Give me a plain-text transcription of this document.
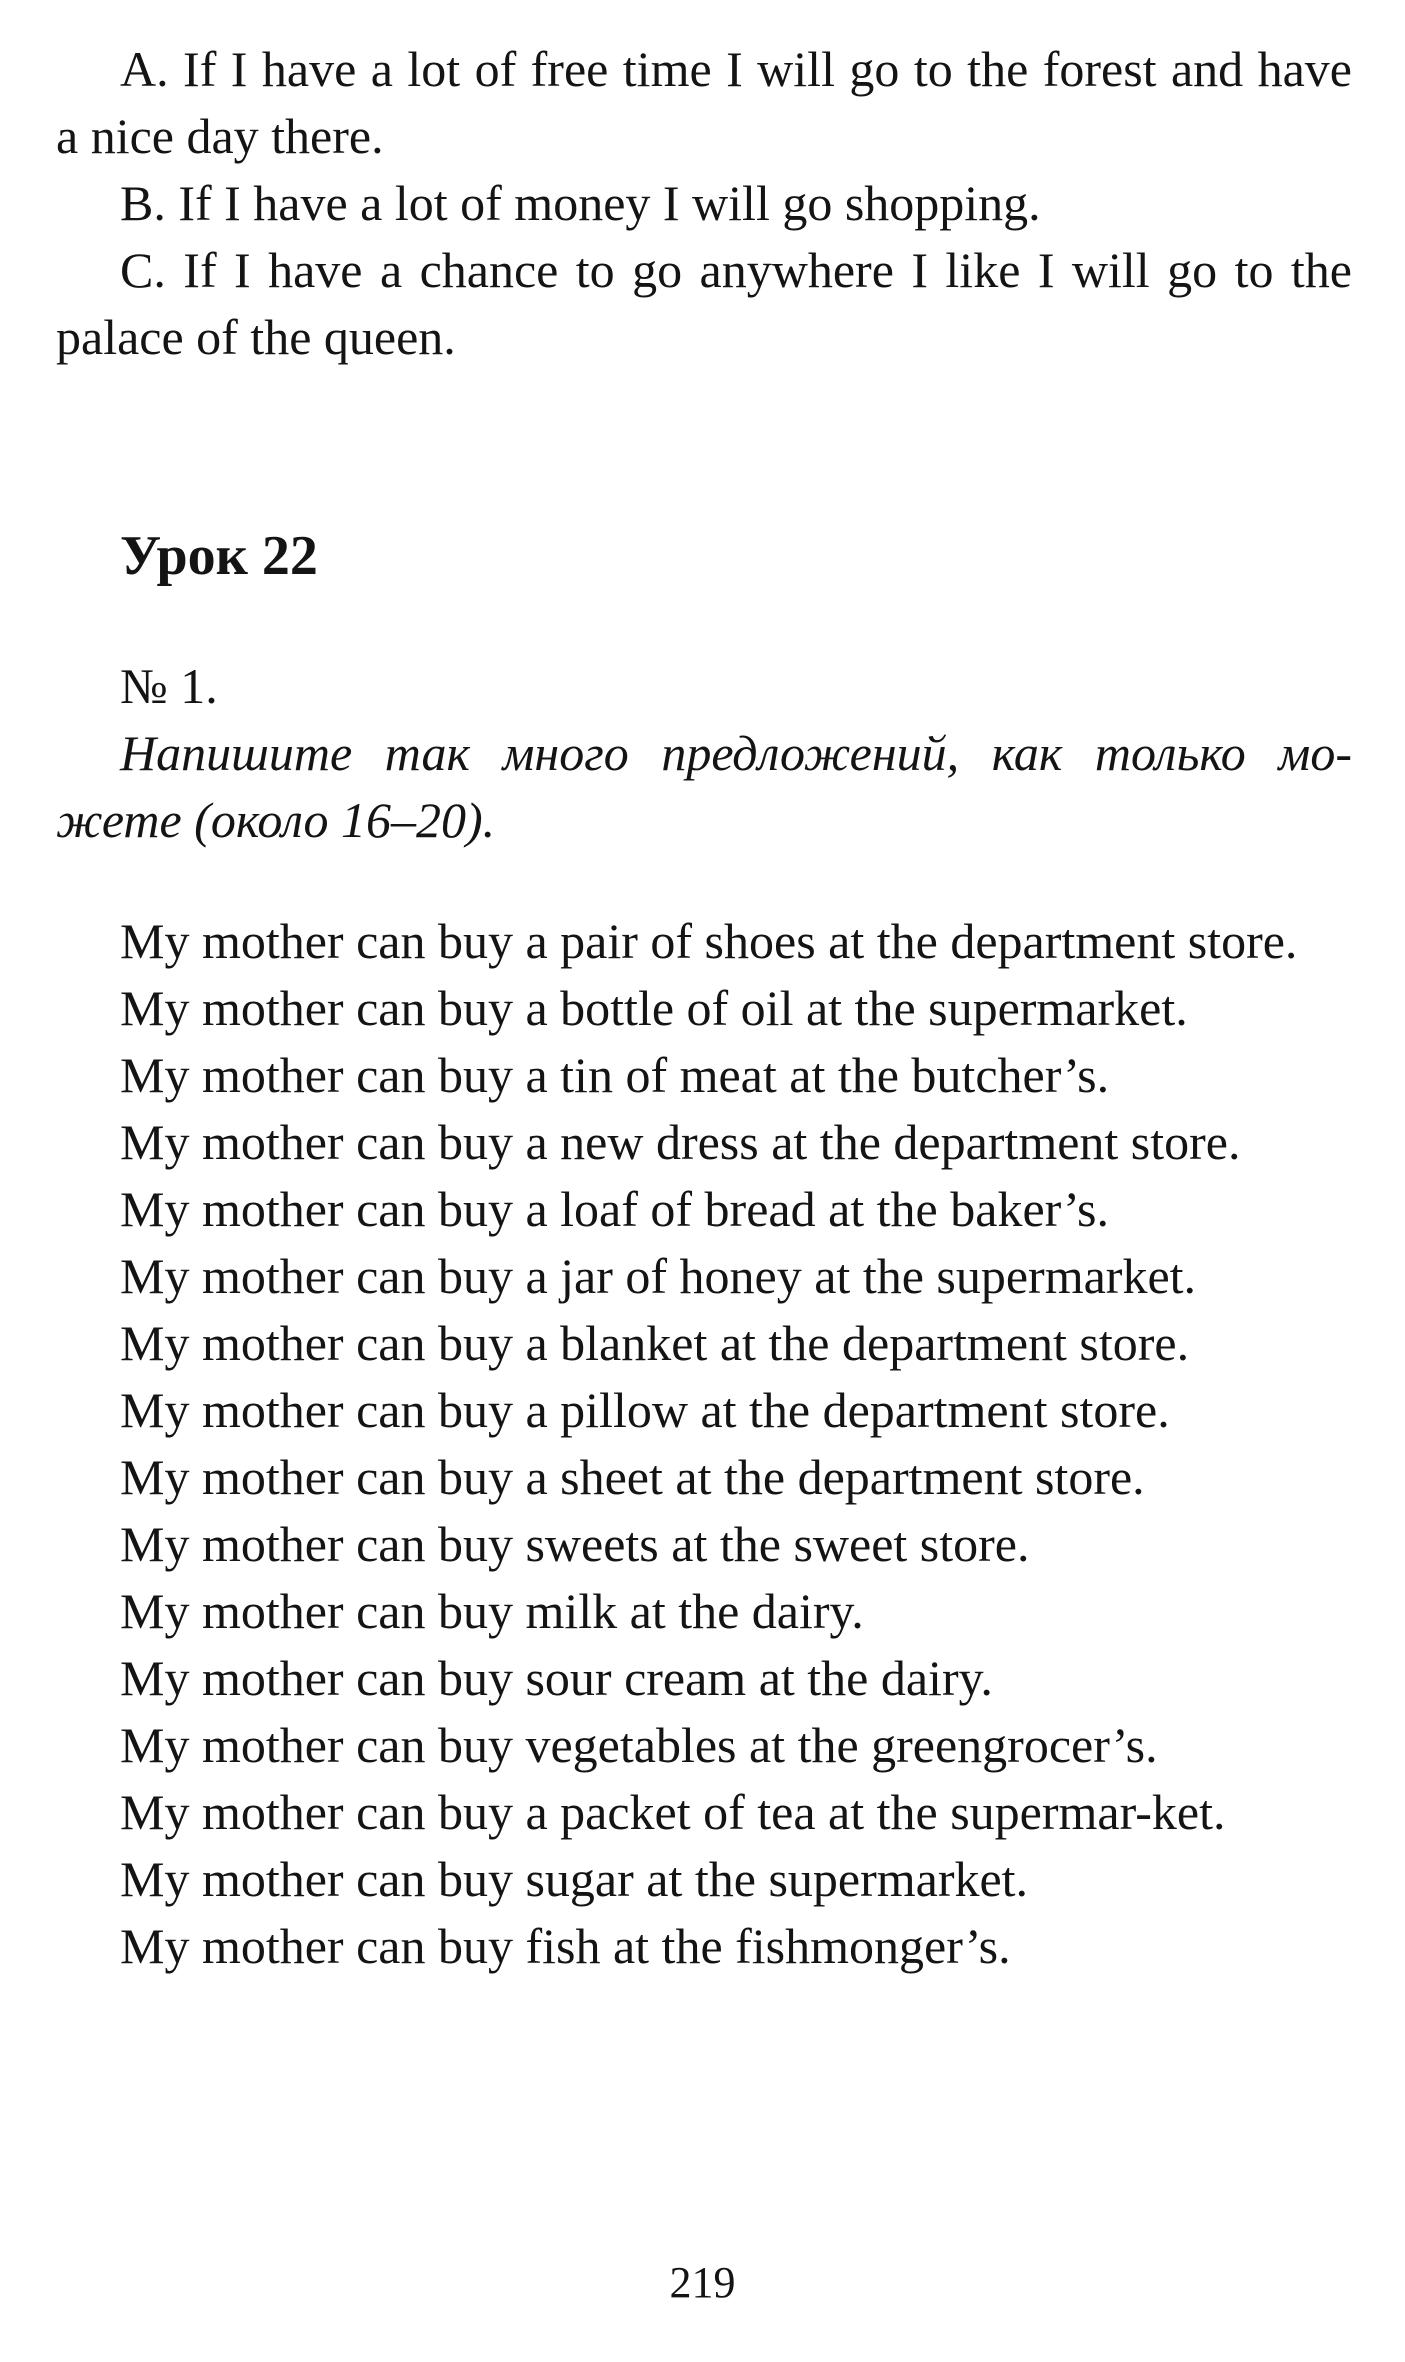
A. If I have a lot of free time I will go to the forest and have a nice day there.

B. If I have a lot of money I will go shopping.

C. If I have a chance to go anywhere I like I will go to the palace of the queen.

Урок 22
№ 1.

Напишите так много предложений, как только мо-жете (около 16–20).

My mother can buy a pair of shoes at the department store.

My mother can buy a bottle of oil at the supermarket.

My mother can buy a tin of meat at the butcher’s.

My mother can buy a new dress at the department store.

My mother can buy a loaf of bread at the baker’s.

My mother can buy a jar of honey at the supermarket.

My mother can buy a blanket at the department store.

My mother can buy a pillow at the department store.

My mother can buy a sheet at the department store.

My mother can buy sweets at the sweet store.

My mother can buy milk at the dairy.

My mother can buy sour cream at the dairy.

My mother can buy vegetables at the greengrocer’s.

My mother can buy a packet of tea at the supermar-ket.

My mother can buy sugar at the supermarket.

My mother can buy fish at the fishmonger’s.

219
